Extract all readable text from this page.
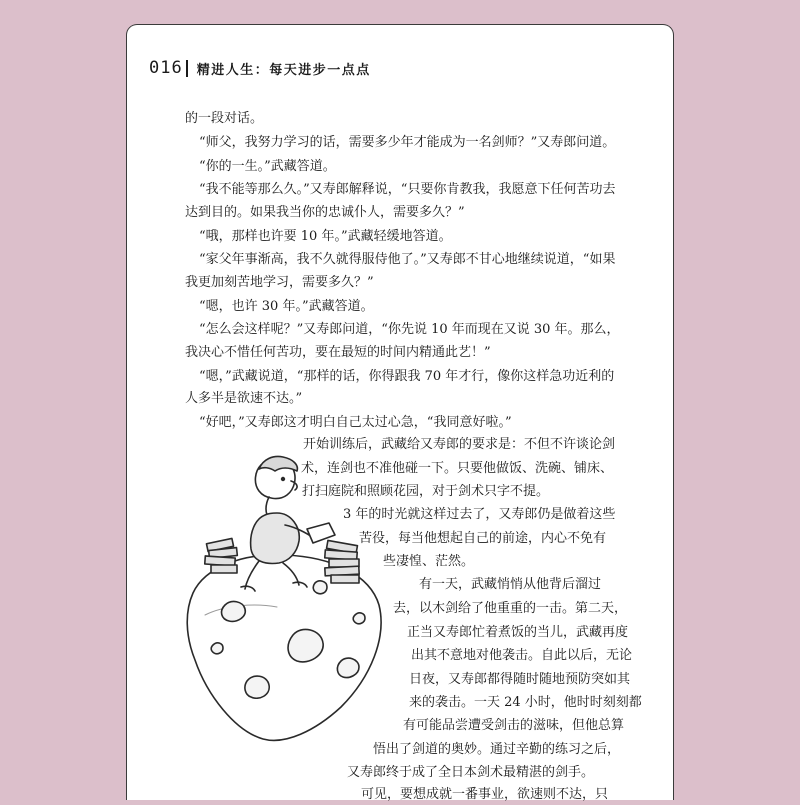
016 精进人生：每天进步一点点
的一段对话。
“师父，我努力学习的话，需要多少年才能成为一名剑师？”又寿郎问道。
“你的一生。”武藏答道。
“我不能等那么久。”又寿郎解释说，“只要你肯教我，我愿意下任何苦功去
达到目的。如果我当你的忠诚仆人，需要多久？”
“哦，那样也许要 10 年。”武藏轻缓地答道。
“家父年事渐高，我不久就得服侍他了。”又寿郎不甘心地继续说道，“如果
我更加刻苦地学习，需要多久？”
“嗯，也许 30 年。”武藏答道。
“怎么会这样呢？”又寿郎问道，“你先说 10 年而现在又说 30 年。那么，
我决心不惜任何苦功，要在最短的时间内精通此艺！”
“嗯，”武藏说道，“那样的话，你得跟我 70 年才行，像你这样急功近利的
人多半是欲速不达。”
“好吧，”又寿郎这才明白自己太过心急，“我同意好啦。”
开始训练后，武藏给又寿郎的要求是：不但不许谈论剑
术，连剑也不准他碰一下。只要他做饭、洗碗、铺床、
打扫庭院和照顾花园，对于剑术只字不提。
3 年的时光就这样过去了，又寿郎仍是做着这些
苦役，每当他想起自己的前途，内心不免有
些凄惶、茫然。
有一天，武藏悄悄从他背后溜过
去，以木剑给了他重重的一击。第二天，
正当又寿郎忙着煮饭的当儿，武藏再度
出其不意地对他袭击。自此以后，无论
日夜，又寿郎都得随时随地预防突如其
来的袭击。一天 24 小时，他时时刻刻都
有可能品尝遭受剑击的滋味，但他总算
悟出了剑道的奥妙。通过辛勤的练习之后，
又寿郎终于成了全日本剑术最精湛的剑手。
可见，要想成就一番事业，欲速则不达，只
